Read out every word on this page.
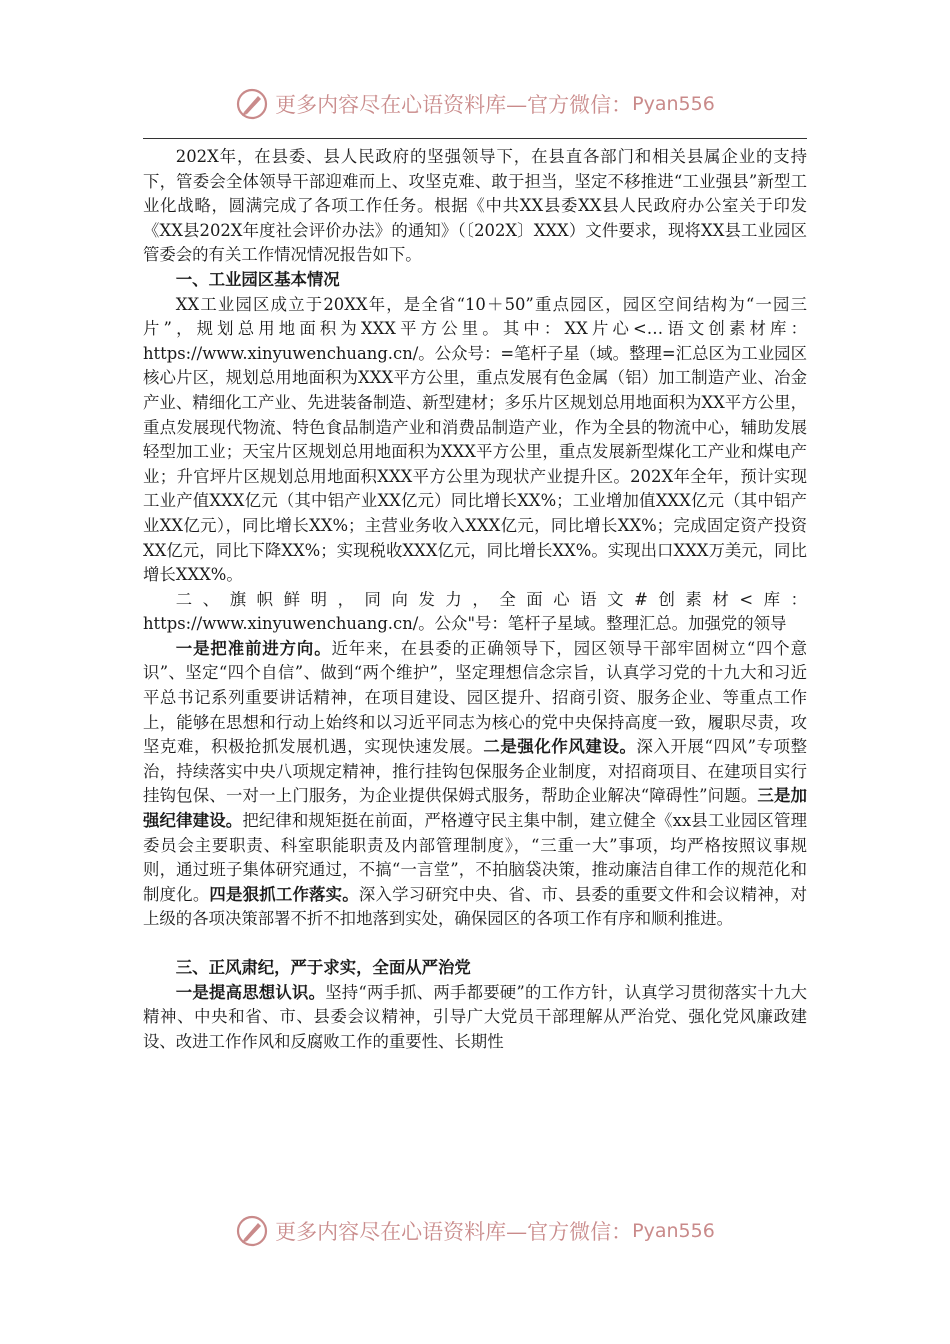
更多内容尽在心语资料库—官方微信： Pyan556

202X年，在县委、县人民政府的坚强领导下，在县直各部门和相关县属企业的支持下，管委会全体领导干部迎难而上、攻坚克难、敢于担当，坚定不移推进“工业强县”新型工业化战略，圆满完成了各项工作任务。根据《中共XX县委XX县人民政府办公室关于印发《XX县202X年度社会评价办法》的通知》（〔202X〕XXX）文件要求，现将XX县工业园区管委会的有关工作情况情况报告如下。

一、工业园区基本情况

XX工业园区成立于20XX年，是全省“10＋50”重点园区，园区空间结构为“一园三片”，规划总用地面积为XXX平方公里。其中：XX片心<…语文创素材库：https://www.xinyuwenchuang.cn/。公众号：=笔杆子星（域。整理=汇总区为工业园区核心片区，规划总用地面积为XXX平方公里，重点发展有色金属（铝）加工制造产业、冶金产业、精细化工产业、先进装备制造、新型建材；多乐片区规划总用地面积为XX平方公里，重点发展现代物流、特色食品制造产业和消费品制造产业，作为全县的物流中心，辅助发展轻型加工业；天宝片区规划总用地面积为XXX平方公里，重点发展新型煤化工产业和煤电产业；升官坪片区规划总用地面积XXX平方公里为现状产业提升区。202X年全年，预计实现工业产值XXX亿元（其中铝产业XX亿元）同比增长XX%；工业增加值XXX亿元（其中铝产业XX亿元），同比增长XX%；主营业务收入XXX亿元，同比增长XX%；完成固定资产投资XX亿元，同比下降XX%；实现税收XXX亿元，同比增长XX%。实现出口XXX万美元，同比增长XXX%。

二、旗帜鲜明，同向发力，全面心语文#创素材<库：https://www.xinyuwenchuang.cn/。公众"号：笔杆子星域。整理汇总。加强党的领导

一是把准前进方向。近年来，在县委的正确领导下，园区领导干部牢固树立“四个意识”、坚定“四个自信”、做到“两个维护”，坚定理想信念宗旨，认真学习党的十九大和习近平总书记系列重要讲话精神，在项目建设、园区提升、招商引资、服务企业、等重点工作上，能够在思想和行动上始终和以习近平同志为核心的党中央保持高度一致，履职尽责，攻坚克难，积极抢抓发展机遇，实现快速发展。二是强化作风建设。深入开展“四风”专项整治，持续落实中央八项规定精神，推行挂钩包保服务企业制度，对招商项目、在建项目实行挂钩包保、一对一上门服务，为企业提供保姆式服务，帮助企业解决“障碍性”问题。三是加强纪律建设。把纪律和规矩挺在前面，严格遵守民主集中制，建立健全《xx县工业园区管理委员会主要职责、科室职能职责及内部管理制度》，“三重一大”事项，均严格按照议事规则，通过班子集体研究通过，不搞“一言堂”，不拍脑袋决策，推动廉洁自律工作的规范化和制度化。四是狠抓工作落实。深入学习研究中央、省、市、县委的重要文件和会议精神，对上级的各项决策部署不折不扣地落到实处，确保园区的各项工作有序和顺利推进。

三、正风肃纪，严于求实，全面从严治党

一是提高思想认识。坚持“两手抓、两手都要硬”的工作方针，认真学习贯彻落实十九大精神、中央和省、市、县委会议精神，引导广大党员干部理解从严治党、强化党风廉政建设、改进工作作风和反腐败工作的重要性、长期性

更多内容尽在心语资料库—官方微信： Pyan556
